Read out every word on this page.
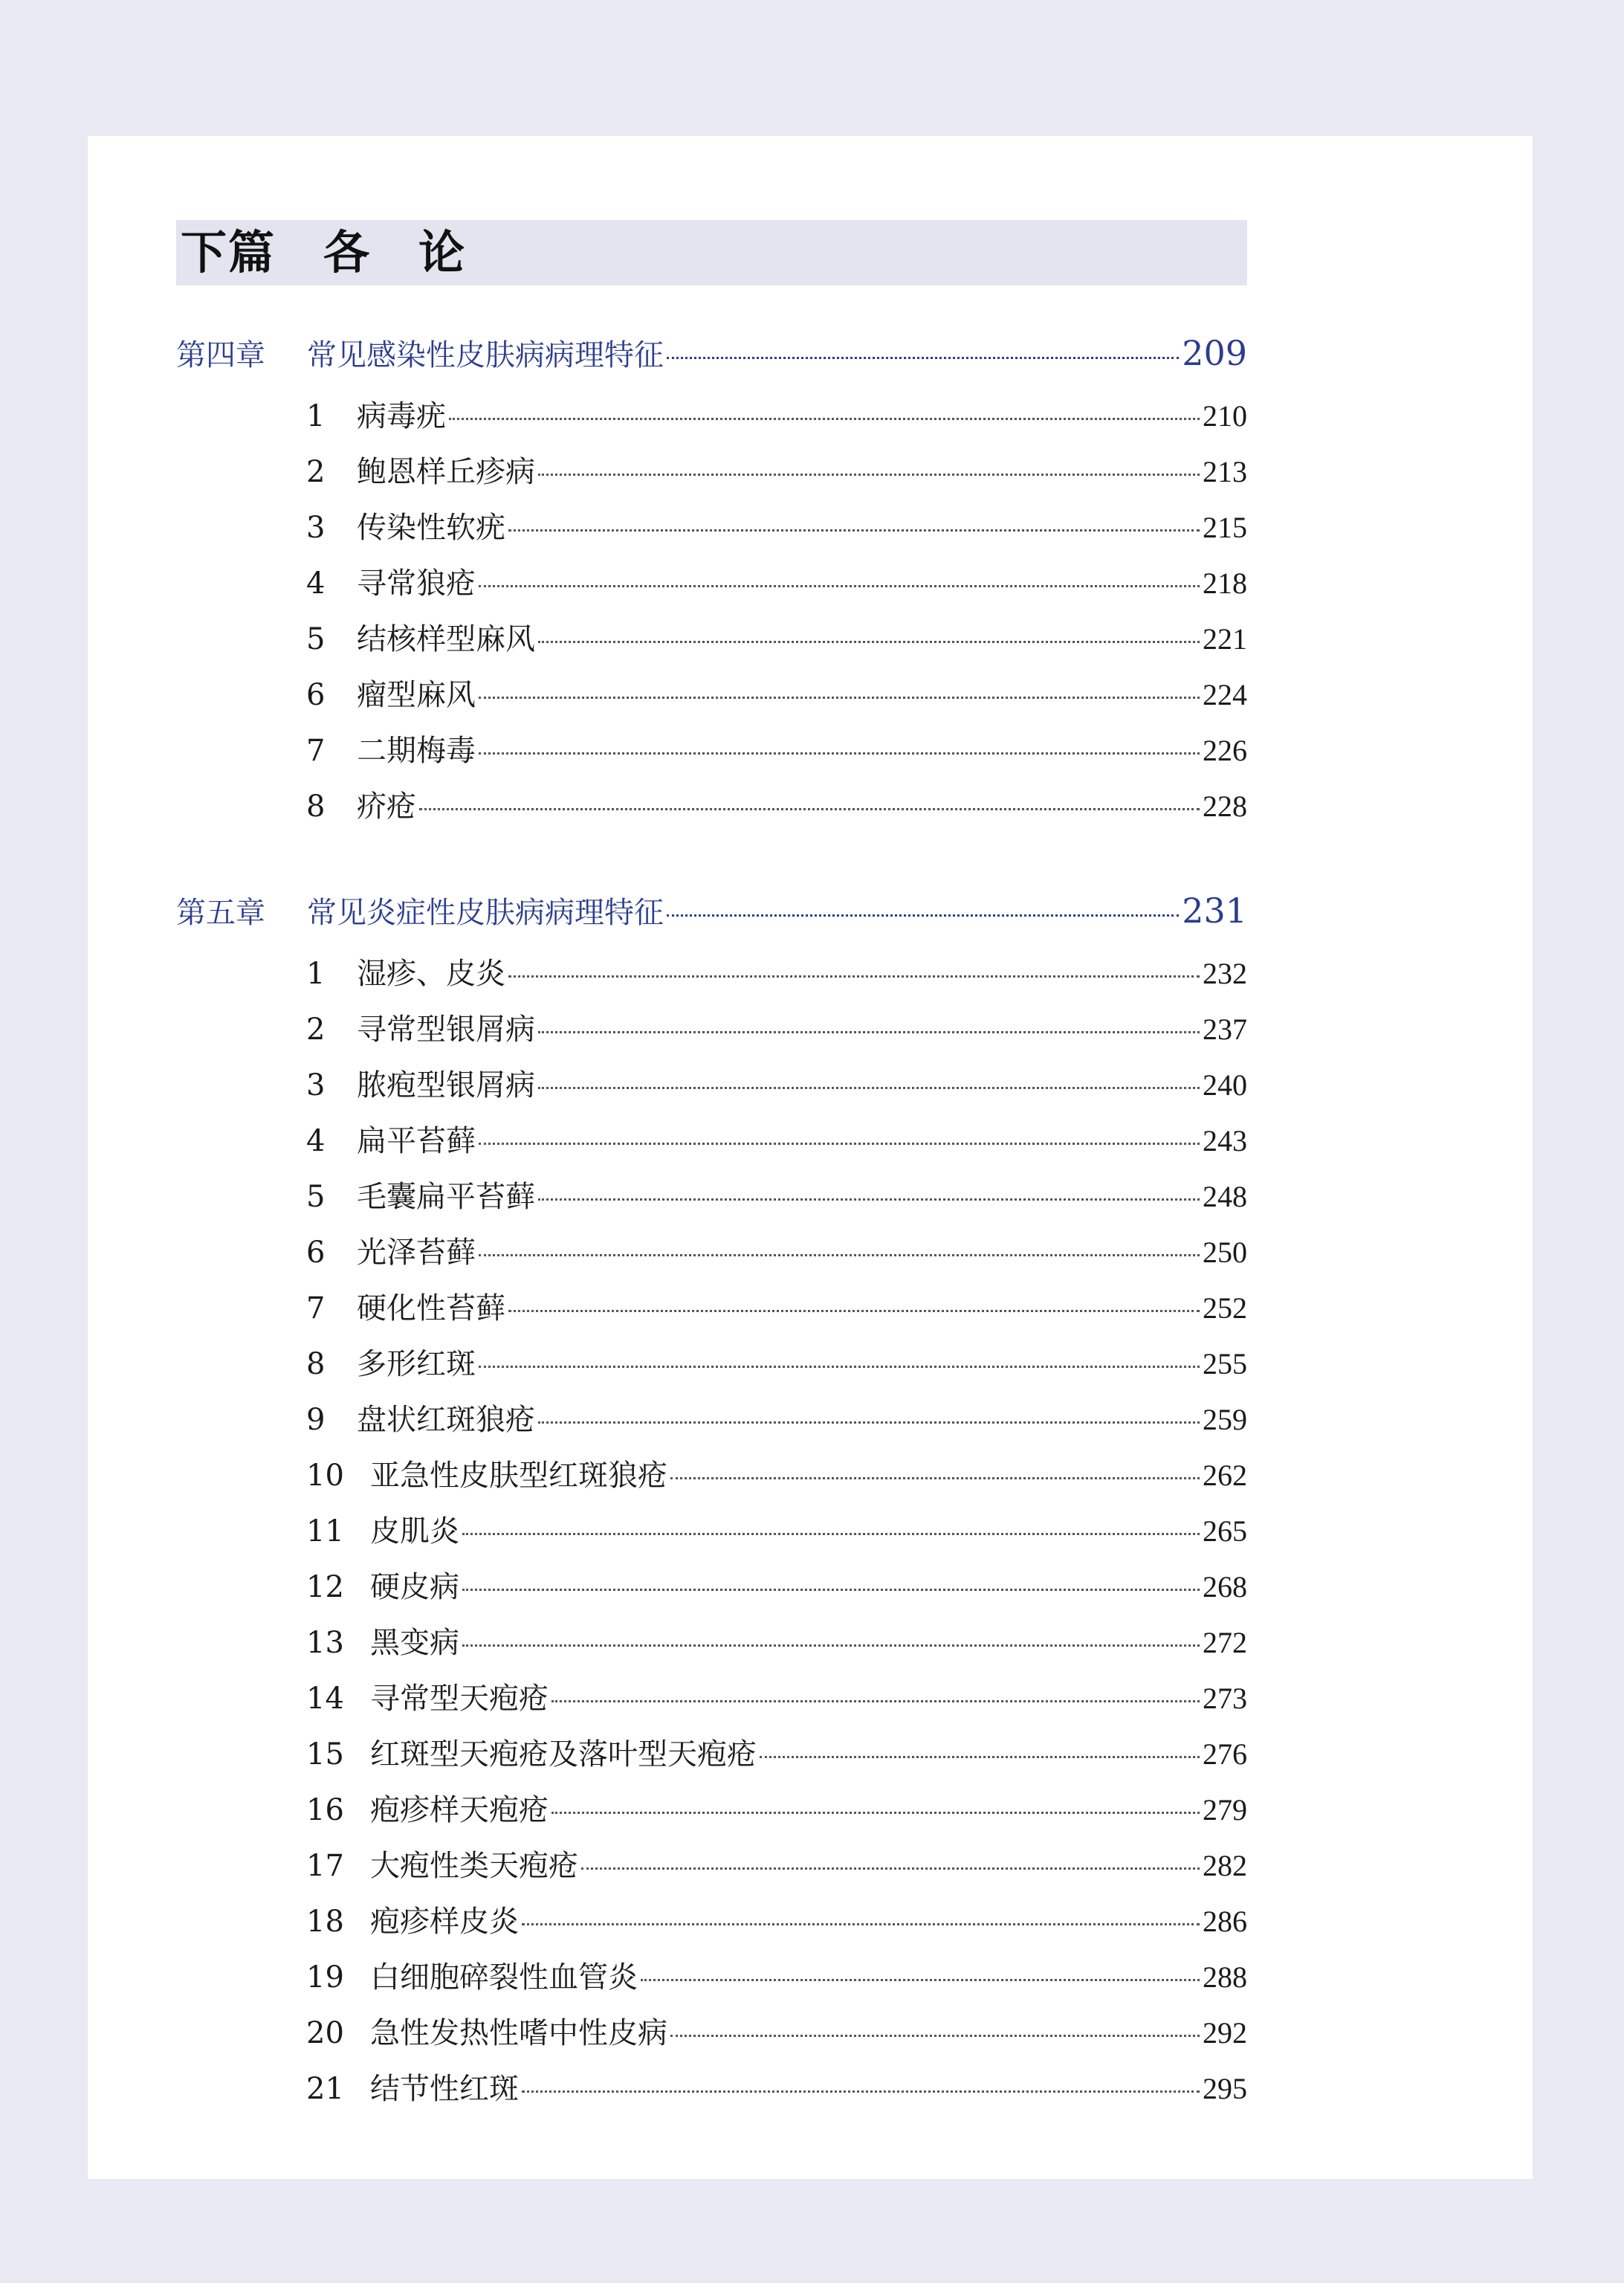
下篇　各　论
第四章	常见感染性皮肤病病理特征	209
1	病毒疣	210
2	鲍恩样丘疹病	213
3	传染性软疣	215
4	寻常狼疮	218
5	结核样型麻风	221
6	瘤型麻风	224
7	二期梅毒	226
8	疥疮	228
第五章	常见炎症性皮肤病病理特征	231
1	湿疹、皮炎	232
2	寻常型银屑病	237
3	脓疱型银屑病	240
4	扁平苔藓	243
5	毛囊扁平苔藓	248
6	光泽苔藓	250
7	硬化性苔藓	252
8	多形红斑	255
9	盘状红斑狼疮	259
10 亚急性皮肤型红斑狼疮	262
11 皮肌炎	265
12 硬皮病	268
13 黑变病	272
14 寻常型天疱疮	273
15 红斑型天疱疮及落叶型天疱疮	276
16 疱疹样天疱疮	279
17 大疱性类天疱疮	282
18 疱疹样皮炎	286
19 白细胞碎裂性血管炎	288
20 急性发热性嗜中性皮病	292
21 结节性红斑	295
